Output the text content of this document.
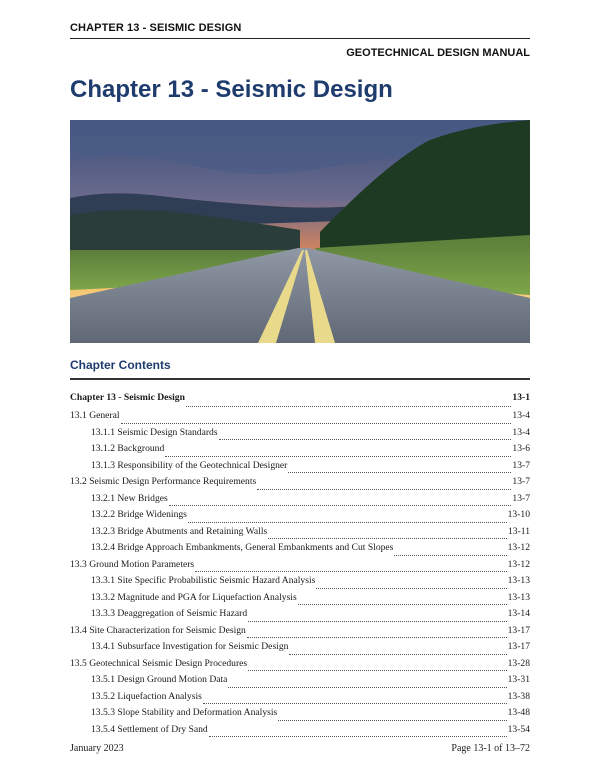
CHAPTER 13 - SEISMIC DESIGN
GEOTECHNICAL DESIGN MANUAL
Chapter 13 - Seismic Design
Chapter Contents
Chapter 13 - Seismic Design	13-1
13.1 General	13-4
13.1.1 Seismic Design Standards	13-4
13.1.2 Background	13-6
13.1.3 Responsibility of the Geotechnical Designer	13-7
13.2 Seismic Design Performance Requirements	13-7
13.2.1 New Bridges	13-7
13.2.2 Bridge Widenings	13-10
13.2.3 Bridge Abutments and Retaining Walls	13-11
13.2.4 Bridge Approach Embankments, General Embankments and Cut Slopes	13-12
13.3 Ground Motion Parameters	13-12
13.3.1 Site Specific Probabilistic Seismic Hazard Analysis	13-13
13.3.2 Magnitude and PGA for Liquefaction Analysis	13-13
13.3.3 Deaggregation of Seismic Hazard	13-14
13.4 Site Characterization for Seismic Design	13-17
13.4.1 Subsurface Investigation for Seismic Design	13-17
13.5 Geotechnical Seismic Design Procedures	13-28
13.5.1 Design Ground Motion Data	13-31
13.5.2 Liquefaction Analysis	13-38
13.5.3 Slope Stability and Deformation Analysis	13-48
13.5.4 Settlement of Dry Sand	13-54
January 2023	Page 13-1 of 13–72
